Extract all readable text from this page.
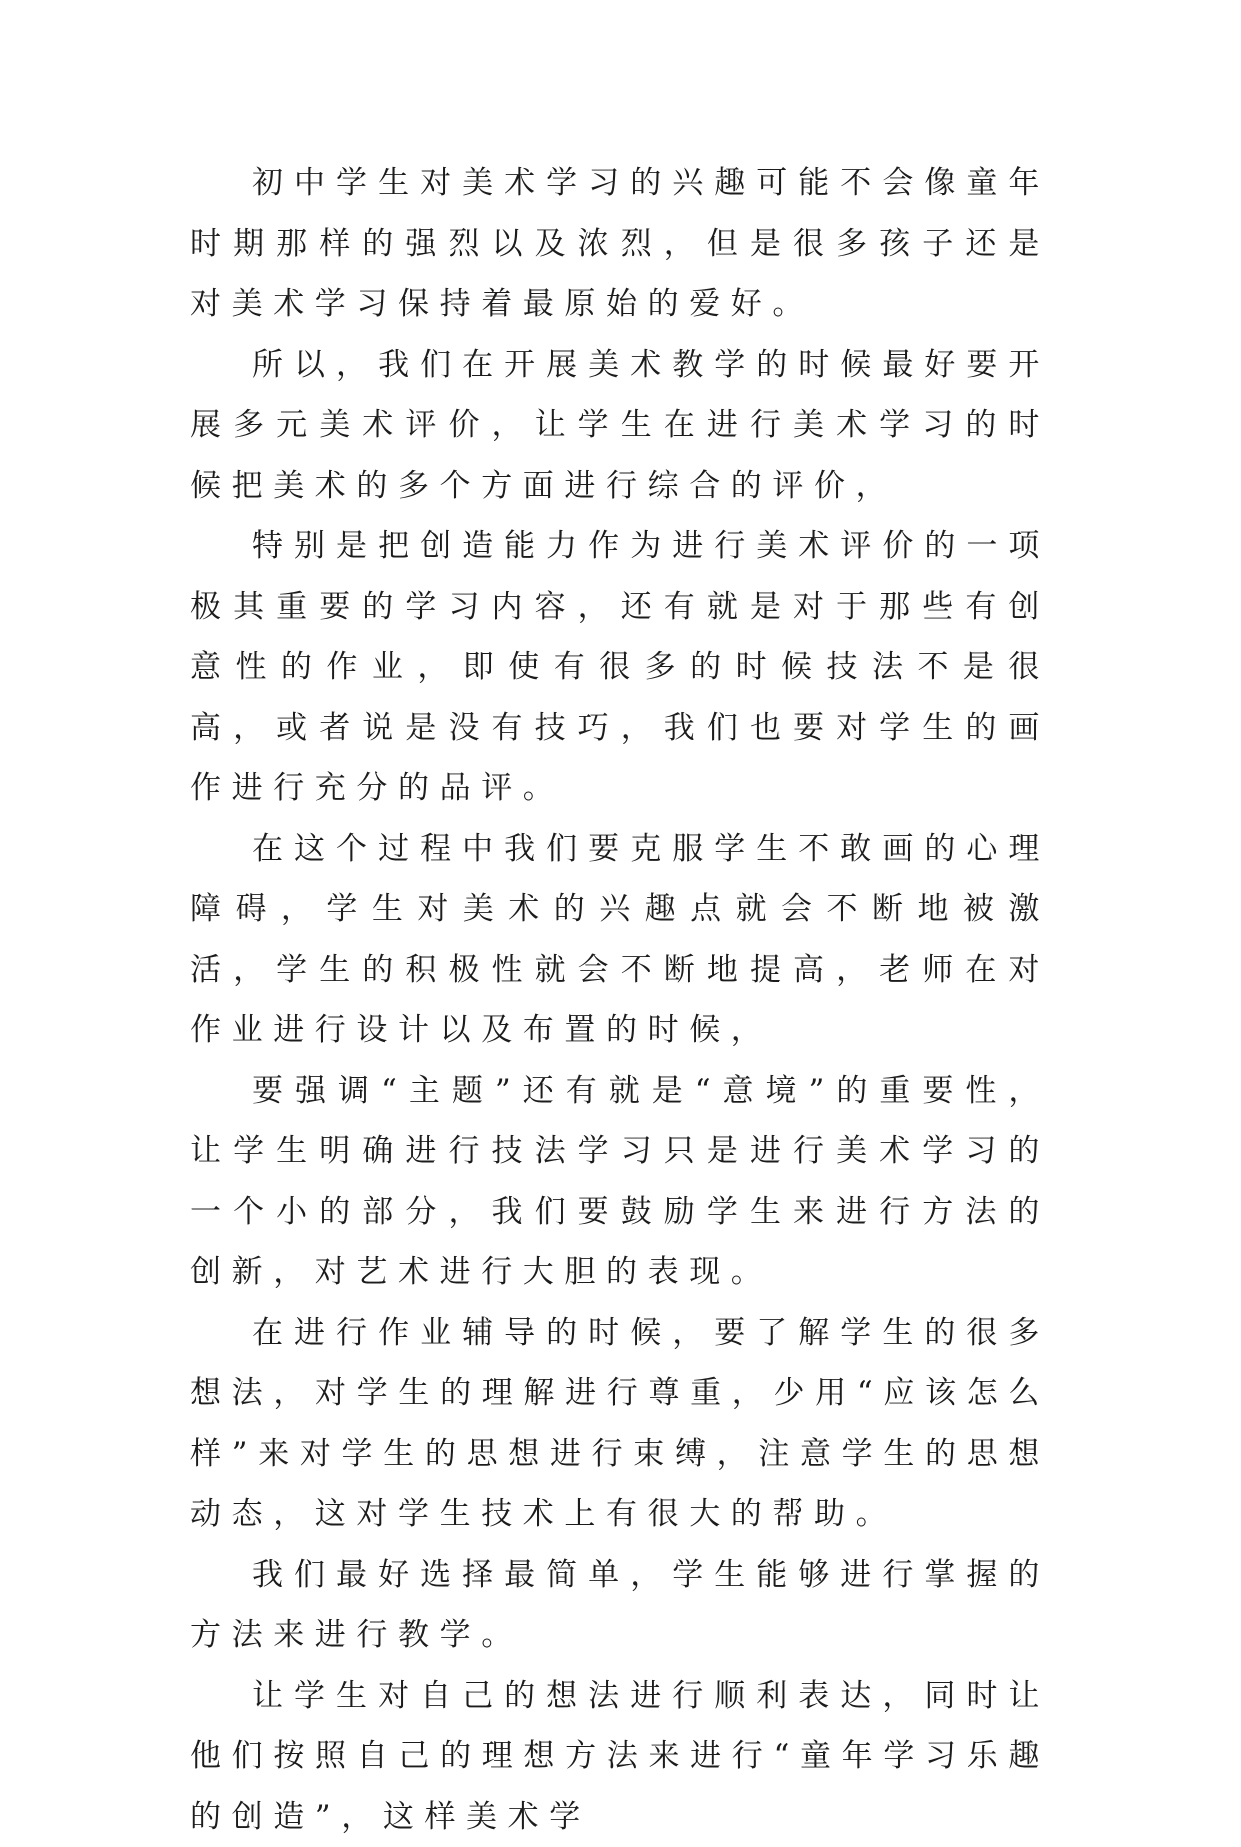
初中学生对美术学习的兴趣可能不会像童年时期那样的强烈以及浓烈，但是很多孩子还是对美术学习保持着最原始的爱好。

所以，我们在开展美术教学的时候最好要开展多元美术评价，让学生在进行美术学习的时候把美术的多个方面进行综合的评价，

特别是把创造能力作为进行美术评价的一项极其重要的学习内容，还有就是对于那些有创意性的作业，即使有很多的时候技法不是很高，或者说是没有技巧，我们也要对学生的画作进行充分的品评。

在这个过程中我们要克服学生不敢画的心理障碍，学生对美术的兴趣点就会不断地被激活，学生的积极性就会不断地提高，老师在对作业进行设计以及布置的时候，

要强调“主题”还有就是“意境”的重要性，让学生明确进行技法学习只是进行美术学习的一个小的部分，我们要鼓励学生来进行方法的创新，对艺术进行大胆的表现。

在进行作业辅导的时候，要了解学生的很多想法，对学生的理解进行尊重，少用“应该怎么样”来对学生的思想进行束缚，注意学生的思想动态，这对学生技术上有很大的帮助。

我们最好选择最简单，学生能够进行掌握的方法来进行教学。

让学生对自己的想法进行顺利表达，同时让他们按照自己的理想方法来进行“童年学习乐趣的创造”，这样美术学
